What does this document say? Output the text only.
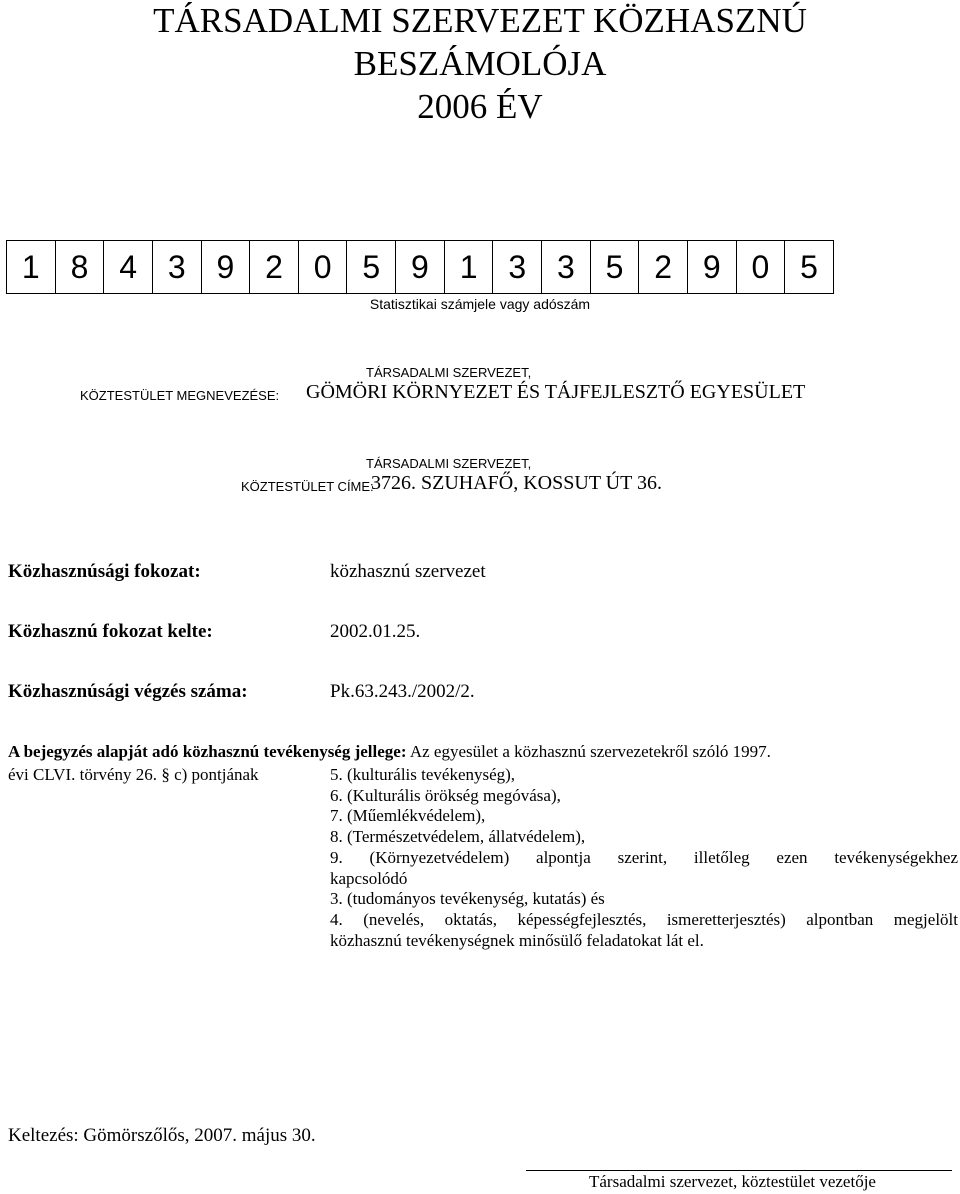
TÁRSADALMI SZERVEZET KÖZHASZNÚ
BESZÁMOLÓJA
2006 ÉV
1 8 4 3 9 2 0 5 9 1 3 3 5 2 9 0 5
Statisztikai számjele vagy adószám
TÁRSADALMI SZERVEZET,
KÖZTESTÜLET MEGNEVEZÉSE: GÖMÖRI KÖRNYEZET ÉS TÁJFEJLESZTŐ EGYESÜLET
TÁRSADALMI SZERVEZET,
KÖZTESTÜLET CÍME:
3726. SZUHAFŐ, KOSSUT ÚT 36.
Közhasznúsági fokozat:	közhasznú szervezet
Közhasznú fokozat kelte:	2002.01.25.
Közhasznúsági végzés száma:	Pk.63.243./2002/2.
A bejegyzés alapját adó közhasznú tevékenység jellege: Az egyesület a közhasznú szervezetekről szóló 1997.
évi CLVI. törvény 26. § c) pontjának	5. (kulturális tevékenység),
6. (Kulturális örökség megóvása),
7. (Műemlékvédelem),
8. (Természetvédelem, állatvédelem),
9. (Környezetvédelem) alpontja szerint, illetőleg ezen tevékenységekhez
kapcsolódó
3. (tudományos tevékenység, kutatás) és
4. (nevelés, oktatás, képességfejlesztés, ismeretterjesztés) alpontban megjelölt
közhasznú tevékenységnek minősülő feladatokat lát el.
Keltezés: Gömörszőlős, 2007. május 30.
Társadalmi szervezet, köztestület vezetője
